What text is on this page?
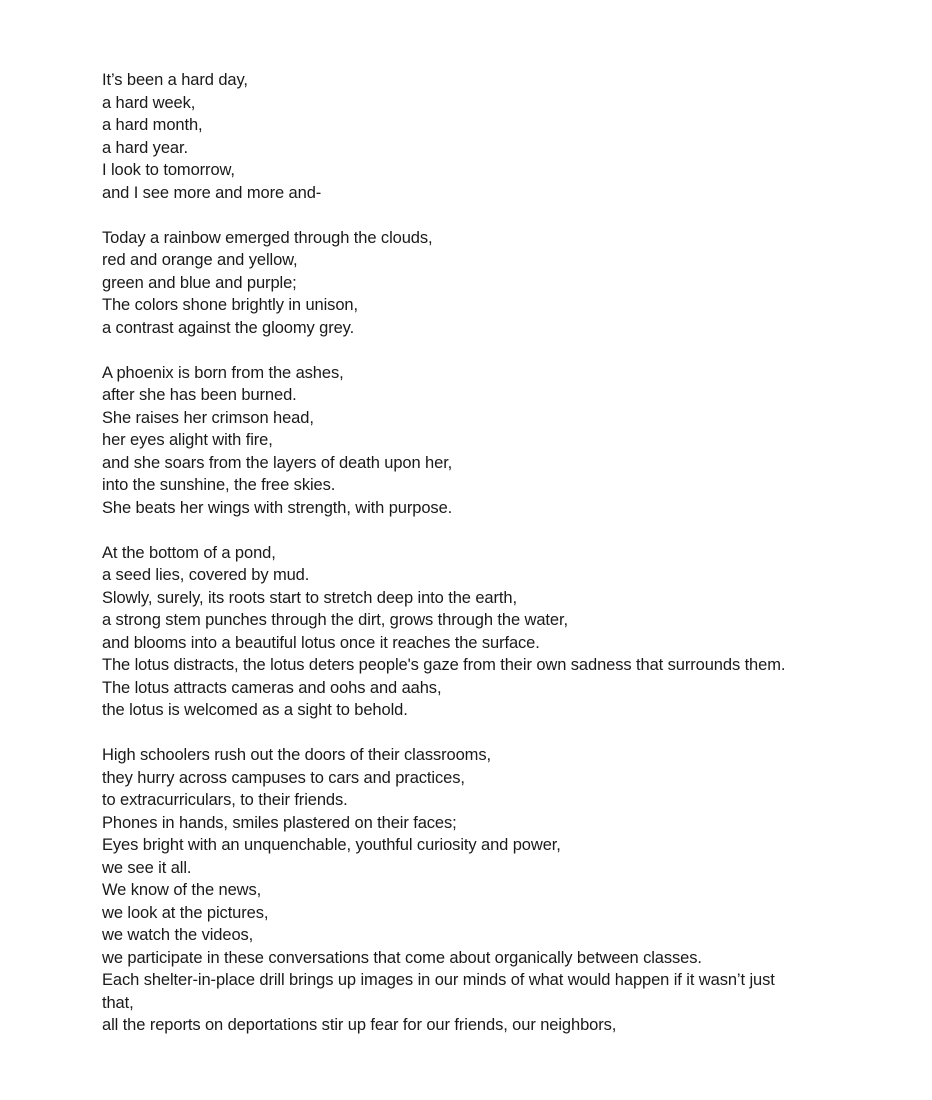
It’s been a hard day,
a hard week,
a hard month,
a hard year.
I look to tomorrow,
and I see more and more and-
Today a rainbow emerged through the clouds,
red and orange and yellow,
green and blue and purple;
The colors shone brightly in unison,
a contrast against the gloomy grey.
A phoenix is born from the ashes,
after she has been burned.
She raises her crimson head,
her eyes alight with fire,
and she soars from the layers of death upon her,
into the sunshine, the free skies.
She beats her wings with strength, with purpose.
At the bottom of a pond,
a seed lies, covered by mud.
Slowly, surely, its roots start to stretch deep into the earth,
a strong stem punches through the dirt, grows through the water,
and blooms into a beautiful lotus once it reaches the surface.
The lotus distracts, the lotus deters people's gaze from their own sadness that surrounds them.
The lotus attracts cameras and oohs and aahs,
the lotus is welcomed as a sight to behold.
High schoolers rush out the doors of their classrooms,
they hurry across campuses to cars and practices,
to extracurriculars, to their friends.
Phones in hands, smiles plastered on their faces;
Eyes bright with an unquenchable, youthful curiosity and power,
we see it all.
We know of the news,
we look at the pictures,
we watch the videos,
we participate in these conversations that come about organically between classes.
Each shelter-in-place drill brings up images in our minds of what would happen if it wasn’t just
that,
all the reports on deportations stir up fear for our friends, our neighbors,
